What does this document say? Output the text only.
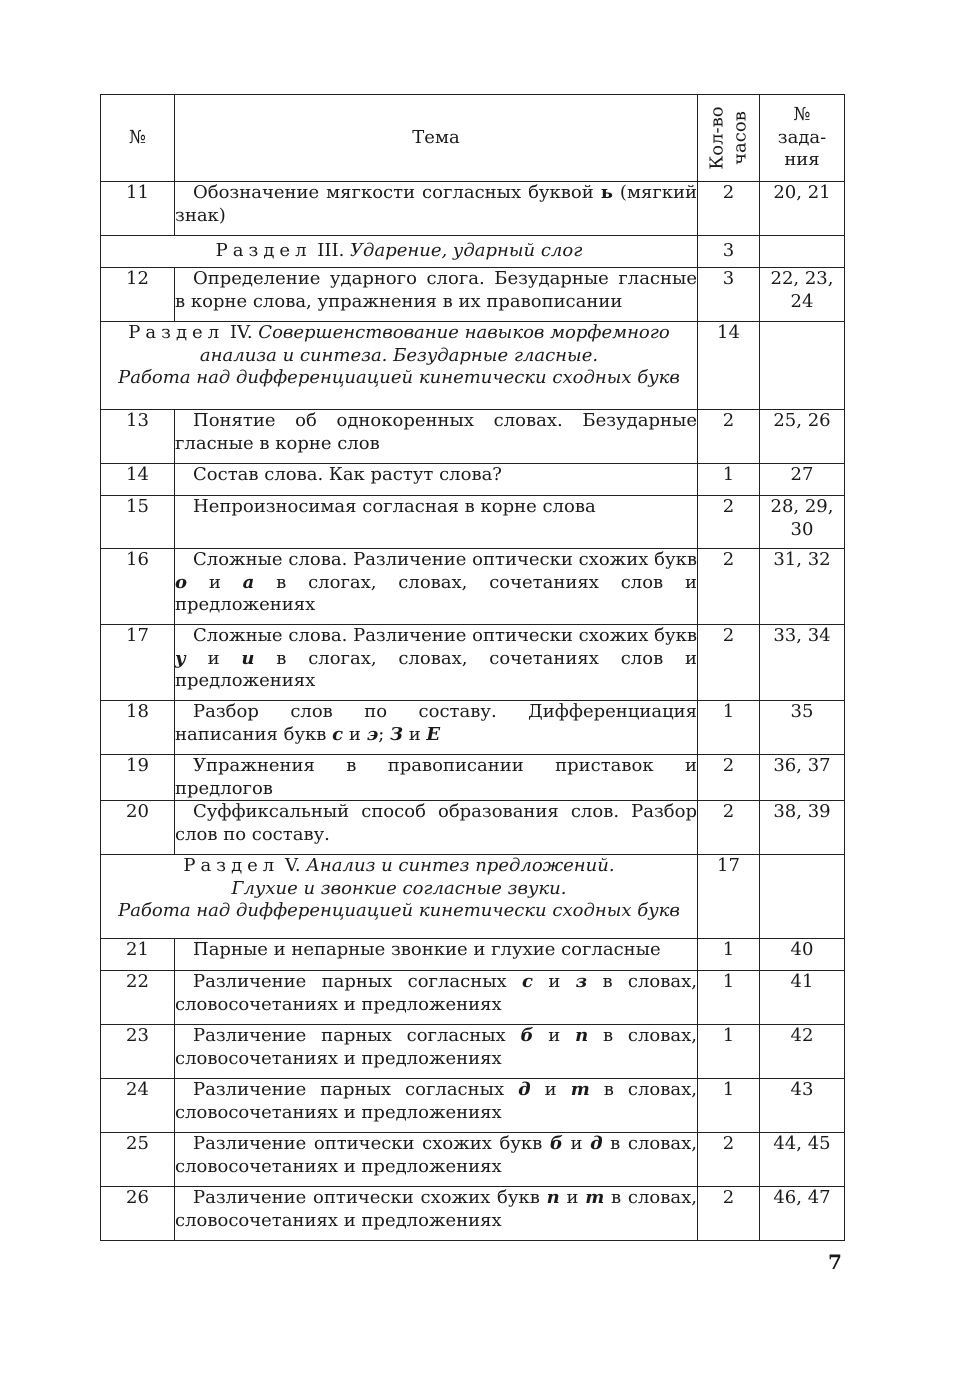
№	Тема	Кол-во часов	№
зада-
ния
11	Обозначение мягкости согласных буквой ь (мягкий знак)	2	20, 21
Раздел III. Ударение, ударный слог		3	
12	Определение ударного слога. Безударные гласные в корне слова, упражнения в их правописании	3	22, 23, 24
Раздел IV. Совершенствование навыков морфемного
анализа и синтеза. Безударные гласные.
Работа над дифференциацией кинетически сходных букв		14	
13	Понятие об однокоренных словах. Безударные гласные в корне слов	2	25, 26
14	Состав слова. Как растут слова?	1	27
15	Непроизносимая согласная в корне слова	2	28, 29, 30
16	Сложные слова. Различение оптически схожих букв о и а в слогах, словах, сочетаниях слов и предложениях	2	31, 32
17	Сложные слова. Различение оптически схожих букв у и и в слогах, словах, сочетаниях слов и предложениях	2	33, 34
18	Разбор слов по составу. Дифференциация написания букв с и э; З и Е	1	35
19	Упражнения в правописании приставок и предлогов	2	36, 37
20	Суффиксальный способ образования слов. Разбор слов по составу.	2	38, 39
Раздел V. Анализ и синтез предложений.
Глухие и звонкие согласные звуки.
Работа над дифференциацией кинетически сходных букв		17	
21	Парные и непарные звонкие и глухие согласные	1	40
22	Различение парных согласных с и з в словах, словосочетаниях и предложениях	1	41
23	Различение парных согласных б и п в словах, словосочетаниях и предложениях	1	42
24	Различение парных согласных д и т в словах, словосочетаниях и предложениях	1	43
25	Различение оптически схожих букв б и д в словах, словосочетаниях и предложениях	2	44, 45
26	Различение оптически схожих букв п и т в словах, словосочетаниях и предложениях	2	46, 47
7
